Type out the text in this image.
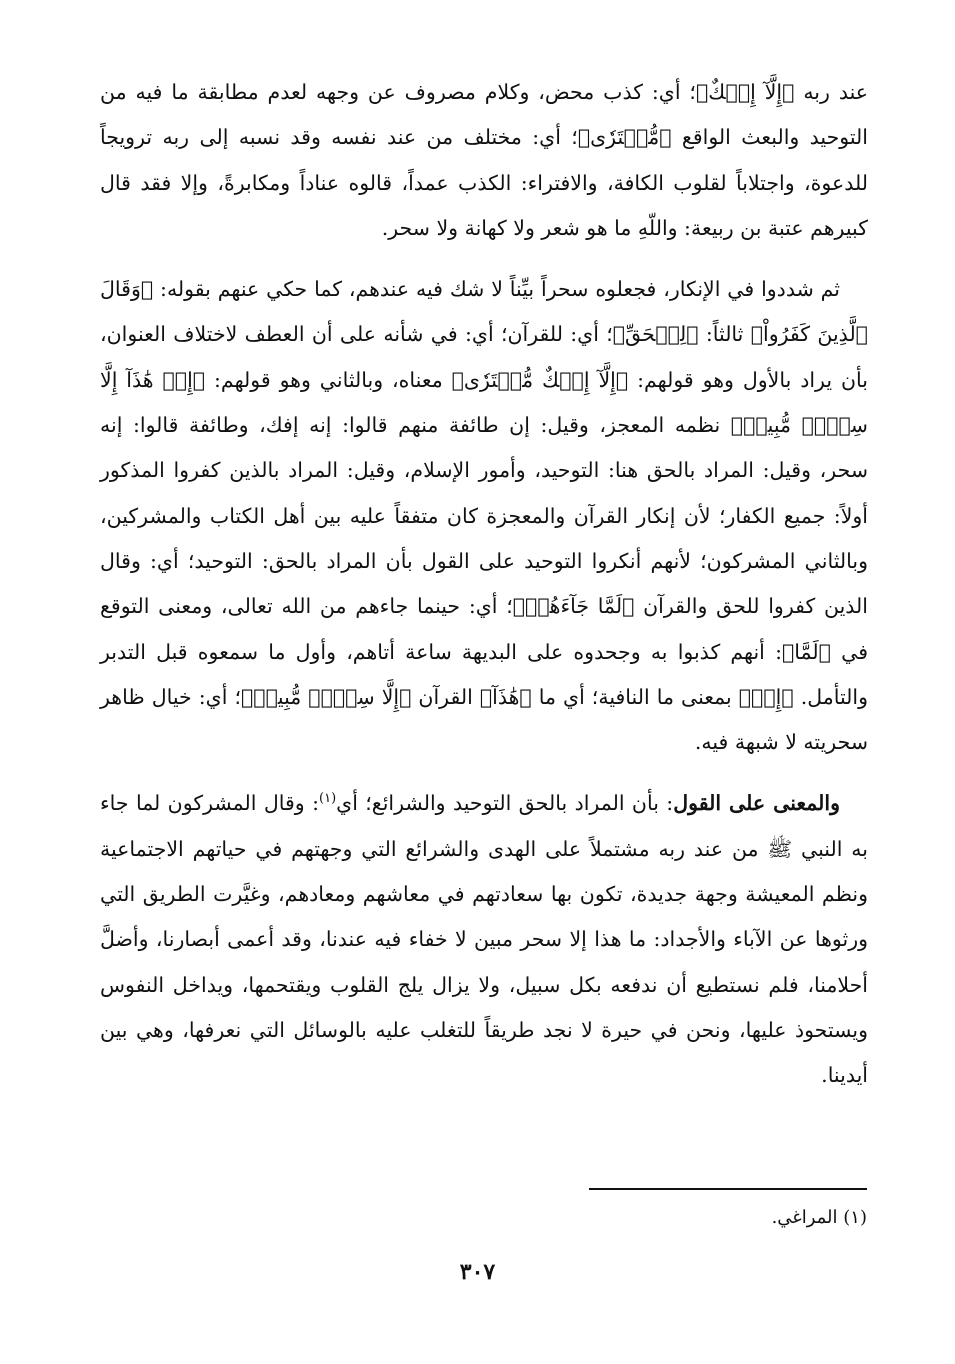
عند ربه ﴿إِلَّآ إِفۡكٌ﴾؛ أي: كذب محض، وكلام مصروف عن وجهه لعدم مطابقة ما فيه من التوحيد والبعث الواقع ﴿مُّفۡتَرٗى﴾؛ أي: مختلف من عند نفسه وقد نسبه إلى ربه ترويجاً للدعوة، واجتلاباً لقلوب الكافة، والافتراء: الكذب عمداً، قالوه عناداً ومكابرةً، وإلا فقد قال كبيرهم عتبة بن ربيعة: واللّهِ ما هو شعر ولا كهانة ولا سحر.

ثم شددوا في الإنكار، فجعلوه سحراً بيِّناً لا شك فيه عندهم، كما حكي عنهم بقوله: ﴿وَقَالَ ٱلَّذِينَ كَفَرُواْ﴾ ثالثاً: ﴿لِلۡحَقِّ﴾؛ أي: للقرآن؛ أي: في شأنه على أن العطف لاختلاف العنوان، بأن يراد بالأول وهو قولهم: ﴿إِلَّآ إِفۡكٌ مُّفۡتَرٗى﴾ معناه، وبالثاني وهو قولهم: ﴿إِنۡ هَٰذَآ إِلَّا سِحۡرٞ مُّبِينٞ﴾ نظمه المعجز، وقيل: إن طائفة منهم قالوا: إنه إفك، وطائفة قالوا: إنه سحر، وقيل: المراد بالحق هنا: التوحيد، وأمور الإسلام، وقيل: المراد بالذين كفروا المذكور أولاً: جميع الكفار؛ لأن إنكار القرآن والمعجزة كان متفقاً عليه بين أهل الكتاب والمشركين، وبالثاني المشركون؛ لأنهم أنكروا التوحيد على القول بأن المراد بالحق: التوحيد؛ أي: وقال الذين كفروا للحق والقرآن ﴿لَمَّا جَآءَهُمۡ﴾؛ أي: حينما جاءهم من الله تعالى، ومعنى التوقع في ﴿لَمَّا﴾: أنهم كذبوا به وجحدوه على البديهة ساعة أتاهم، وأول ما سمعوه قبل التدبر والتأمل. ﴿إِنۡ﴾ بمعنى ما النافية؛ أي ما ﴿هَٰذَآ﴾ القرآن ﴿إِلَّا سِحۡرٞ مُّبِينٞ﴾؛ أي: خيال ظاهر سحريته لا شبهة فيه.

والمعنى على القول: بأن المراد بالحق التوحيد والشرائع؛ أي$^{(١)}$: وقال المشركون لما جاء به النبي ﷺ من عند ربه مشتملاً على الهدى والشرائع التي وجهتهم في حياتهم الاجتماعية ونظم المعيشة وجهة جديدة، تكون بها سعادتهم في معاشهم ومعادهم، وغيَّرت الطريق التي ورثوها عن الآباء والأجداد: ما هذا إلا سحر مبين لا خفاء فيه عندنا، وقد أعمى أبصارنا، وأضلَّ أحلامنا، فلم نستطيع أن ندفعه بكل سبيل، ولا يزال يلج القلوب ويقتحمها، ويداخل النفوس ويستحوذ عليها، ونحن في حيرة لا نجد طريقاً للتغلب عليه بالوسائل التي نعرفها، وهي بين أيدينا.

(١) المراغي.
٣٠٧
